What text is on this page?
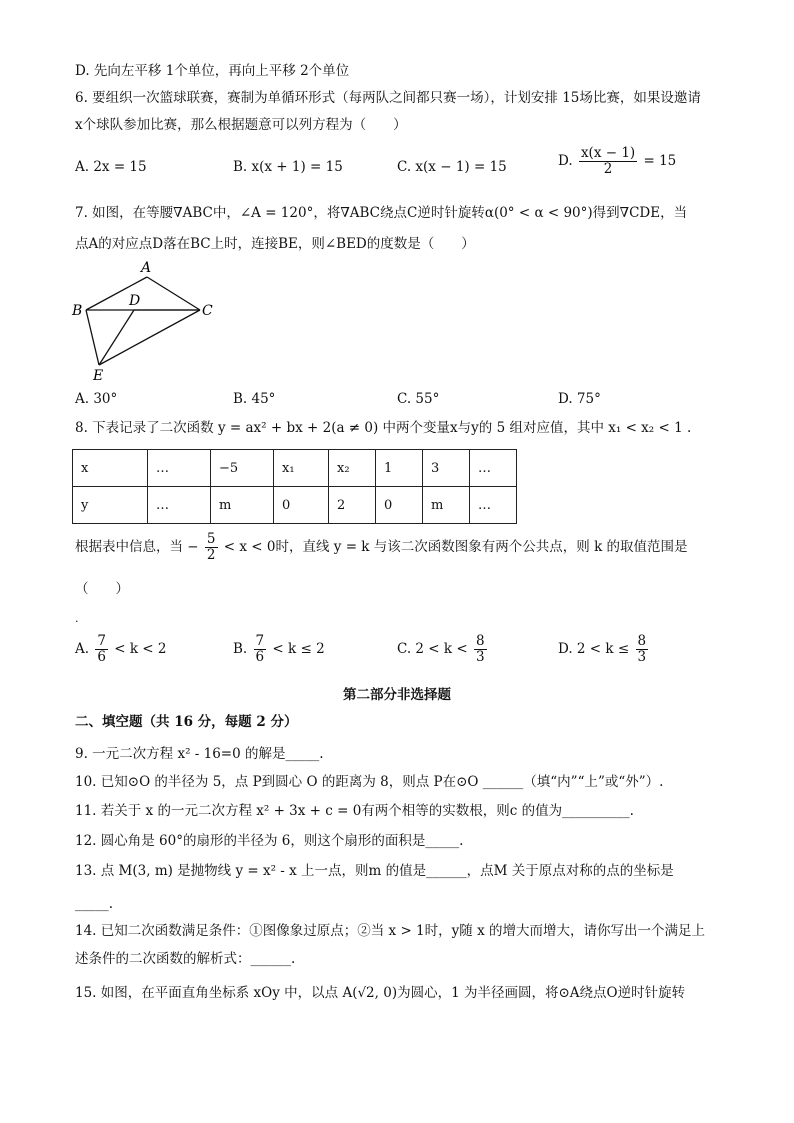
D. 先向左平移 1个单位，再向上平移 2个单位
6. 要组织一次篮球联赛，赛制为单循环形式（每两队之间都只赛一场），计划安排 15场比赛，如果设邀请
x个球队参加比赛，那么根据题意可以列方程为（　　）
A. 2x = 15	B. x(x + 1) = 15	C. x(x − 1) = 15	D. $\frac{x(x - 1)}{2} = 15$
7. 如图，在等腰∇ABC中，∠A = 120°，将∇ABC绕点C逆时针旋转α(0° < α < 90°)得到∇CDE，当
点A的对应点D落在BC上时，连接BE，则∠BED的度数是（　　）
A
B
D
C
E
A. 30°	B. 45°	C. 55°	D. 75°
8. 下表记录了二次函数 y = ax² + bx + 2(a ≠ 0) 中两个变量x与y的 5 组对应值，其中 x₁ < x₂ < 1 .
x	…	−5	x₁	x₂	1	3	…
y	…	m	0	2	0	m	…
根据表中信息，当 − $\frac{5}{2} < x < 0$时，直线 y = k 与该二次函数图象有两个公共点，则 k 的取值范围是
（　　）
.
A. $\frac{7}{6} < k < 2$	B. $\frac{7}{6} < k \le 2$	C. $2 < k < \frac{8}{3}$	D. $2 < k \le \frac{8}{3}$
第二部分非选择题
二、填空题（共 16 分，每题 2 分）
9. 一元二次方程 x² - 16=0 的解是_____.
10. 已知⊙O 的半径为 5，点 P到圆心 O 的距离为 8，则点 P在⊙O ______（填“内”“上”或“外”）.
11. 若关于 x 的一元二次方程 x² + 3x + c = 0有两个相等的实数根，则c 的值为__________.
12. 圆心角是 60°的扇形的半径为 6，则这个扇形的面积是_____.
13. 点 M(3, m) 是抛物线 y = x² - x 上一点，则m 的值是______，点M 关于原点对称的点的坐标是
_____.
14. 已知二次函数满足条件：①图像象过原点；②当 x > 1时，y随 x 的增大而增大，请你写出一个满足上
述条件的二次函数的解析式：______.
15. 如图，在平面直角坐标系 xOy 中，以点 A(√2, 0)为圆心，1 为半径画圆，将⊙A绕点O逆时针旋转
